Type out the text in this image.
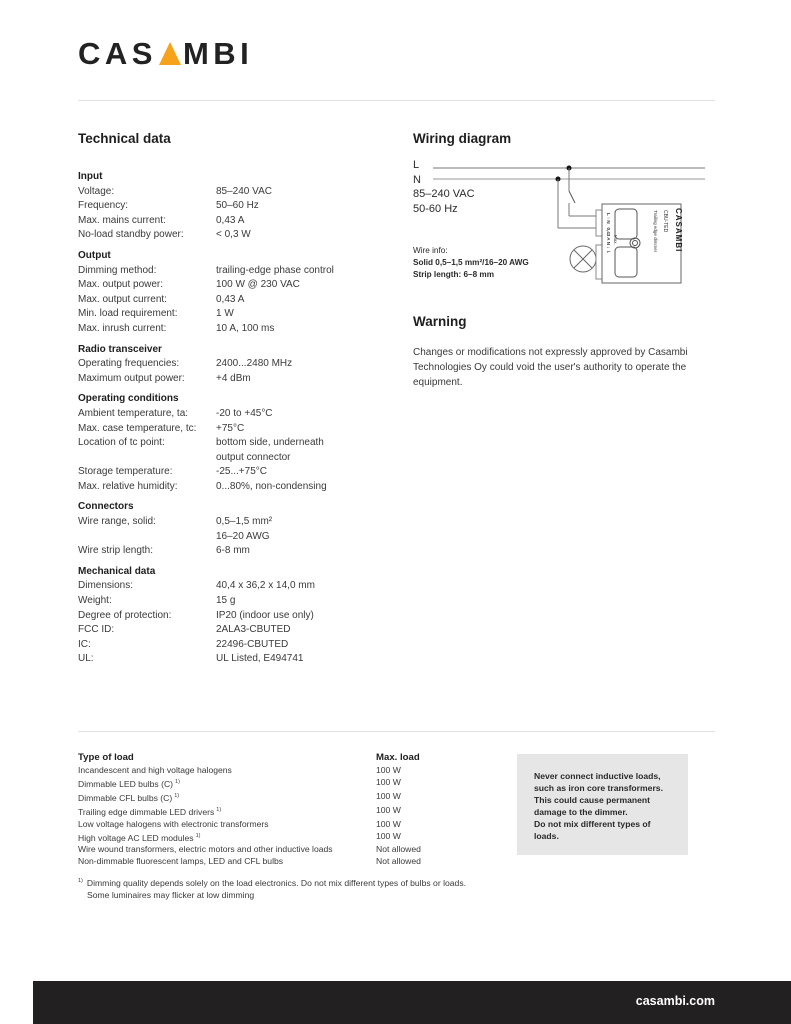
CAS MBI
Technical data
Input
Voltage:	85–240 VAC
Frequency:	50–60 Hz
Max. mains current:	0,43 A
No-load standby power:	< 0,3 W
Output
Dimming method:	trailing-edge phase control
Max. output power:	100 W @ 230 VAC
Max. output current:	0,43 A
Min. load requirement:	1 W
Max. inrush current:	10 A, 100 ms
Radio transceiver
Operating frequencies:	2400...2480 MHz
Maximum output power:	+4 dBm
Operating conditions
Ambient temperature, ta:	-20 to +45°C
Max. case temperature, tc:	+75°C
Location of tc point:	bottom side, underneath
output connector
Storage temperature:	-25...+75°C
Max. relative humidity:	0...80%, non-condensing
Connectors
Wire range, solid:	0,5–1,5 mm²
16–20 AWG
Wire strip length:	6-8 mm
Mechanical data
Dimensions:	40,4 x 36,2 x 14,0 mm
Weight:	15 g
Degree of protection:	IP20 (indoor use only)
FCC ID:	2ALA3-CBUTED
IC:	22496-CBUTED
UL:	UL Listed, E494741
Wiring diagram
L
N
85–240 VAC
50-60 Hz	CASAMBI
CBU-TED
Trailing edge dimmer
L ↑ N   0,43 A N ↓ ⇂
Max.
Wire info:
Solid 0,5–1,5 mm²/16–20 AWG
Strip length: 6–8 mm
Warning
Changes or modifications not expressly approved by Casambi Technologies Oy could void the user's authority to operate the equipment.
Type of load	Max. load
Incandescent and high voltage halogens	100 W
Dimmable LED bulbs (C) $^{1)}$	100 W
Dimmable CFL bulbs (C) $^{1)}$	100 W
Trailing edge dimmable LED drivers $^{1)}$	100 W
Low voltage halogens with electronic transformers	100 W
High voltage AC LED modules $^{1)}$	100 W
Wire wound transformers, electric motors and other inductive loads	Not allowed
Non-dimmable fluorescent lamps, LED and CFL bulbs	Not allowed
Never connect inductive loads,
such as iron core transformers.
This could cause permanent
damage to the dimmer.
Do not mix different types of
loads.
$^{1)}$ Dimming quality depends solely on the load electronics. Do not mix different types of bulbs or loads.
Some luminaires may flicker at low dimming
casambi.com
